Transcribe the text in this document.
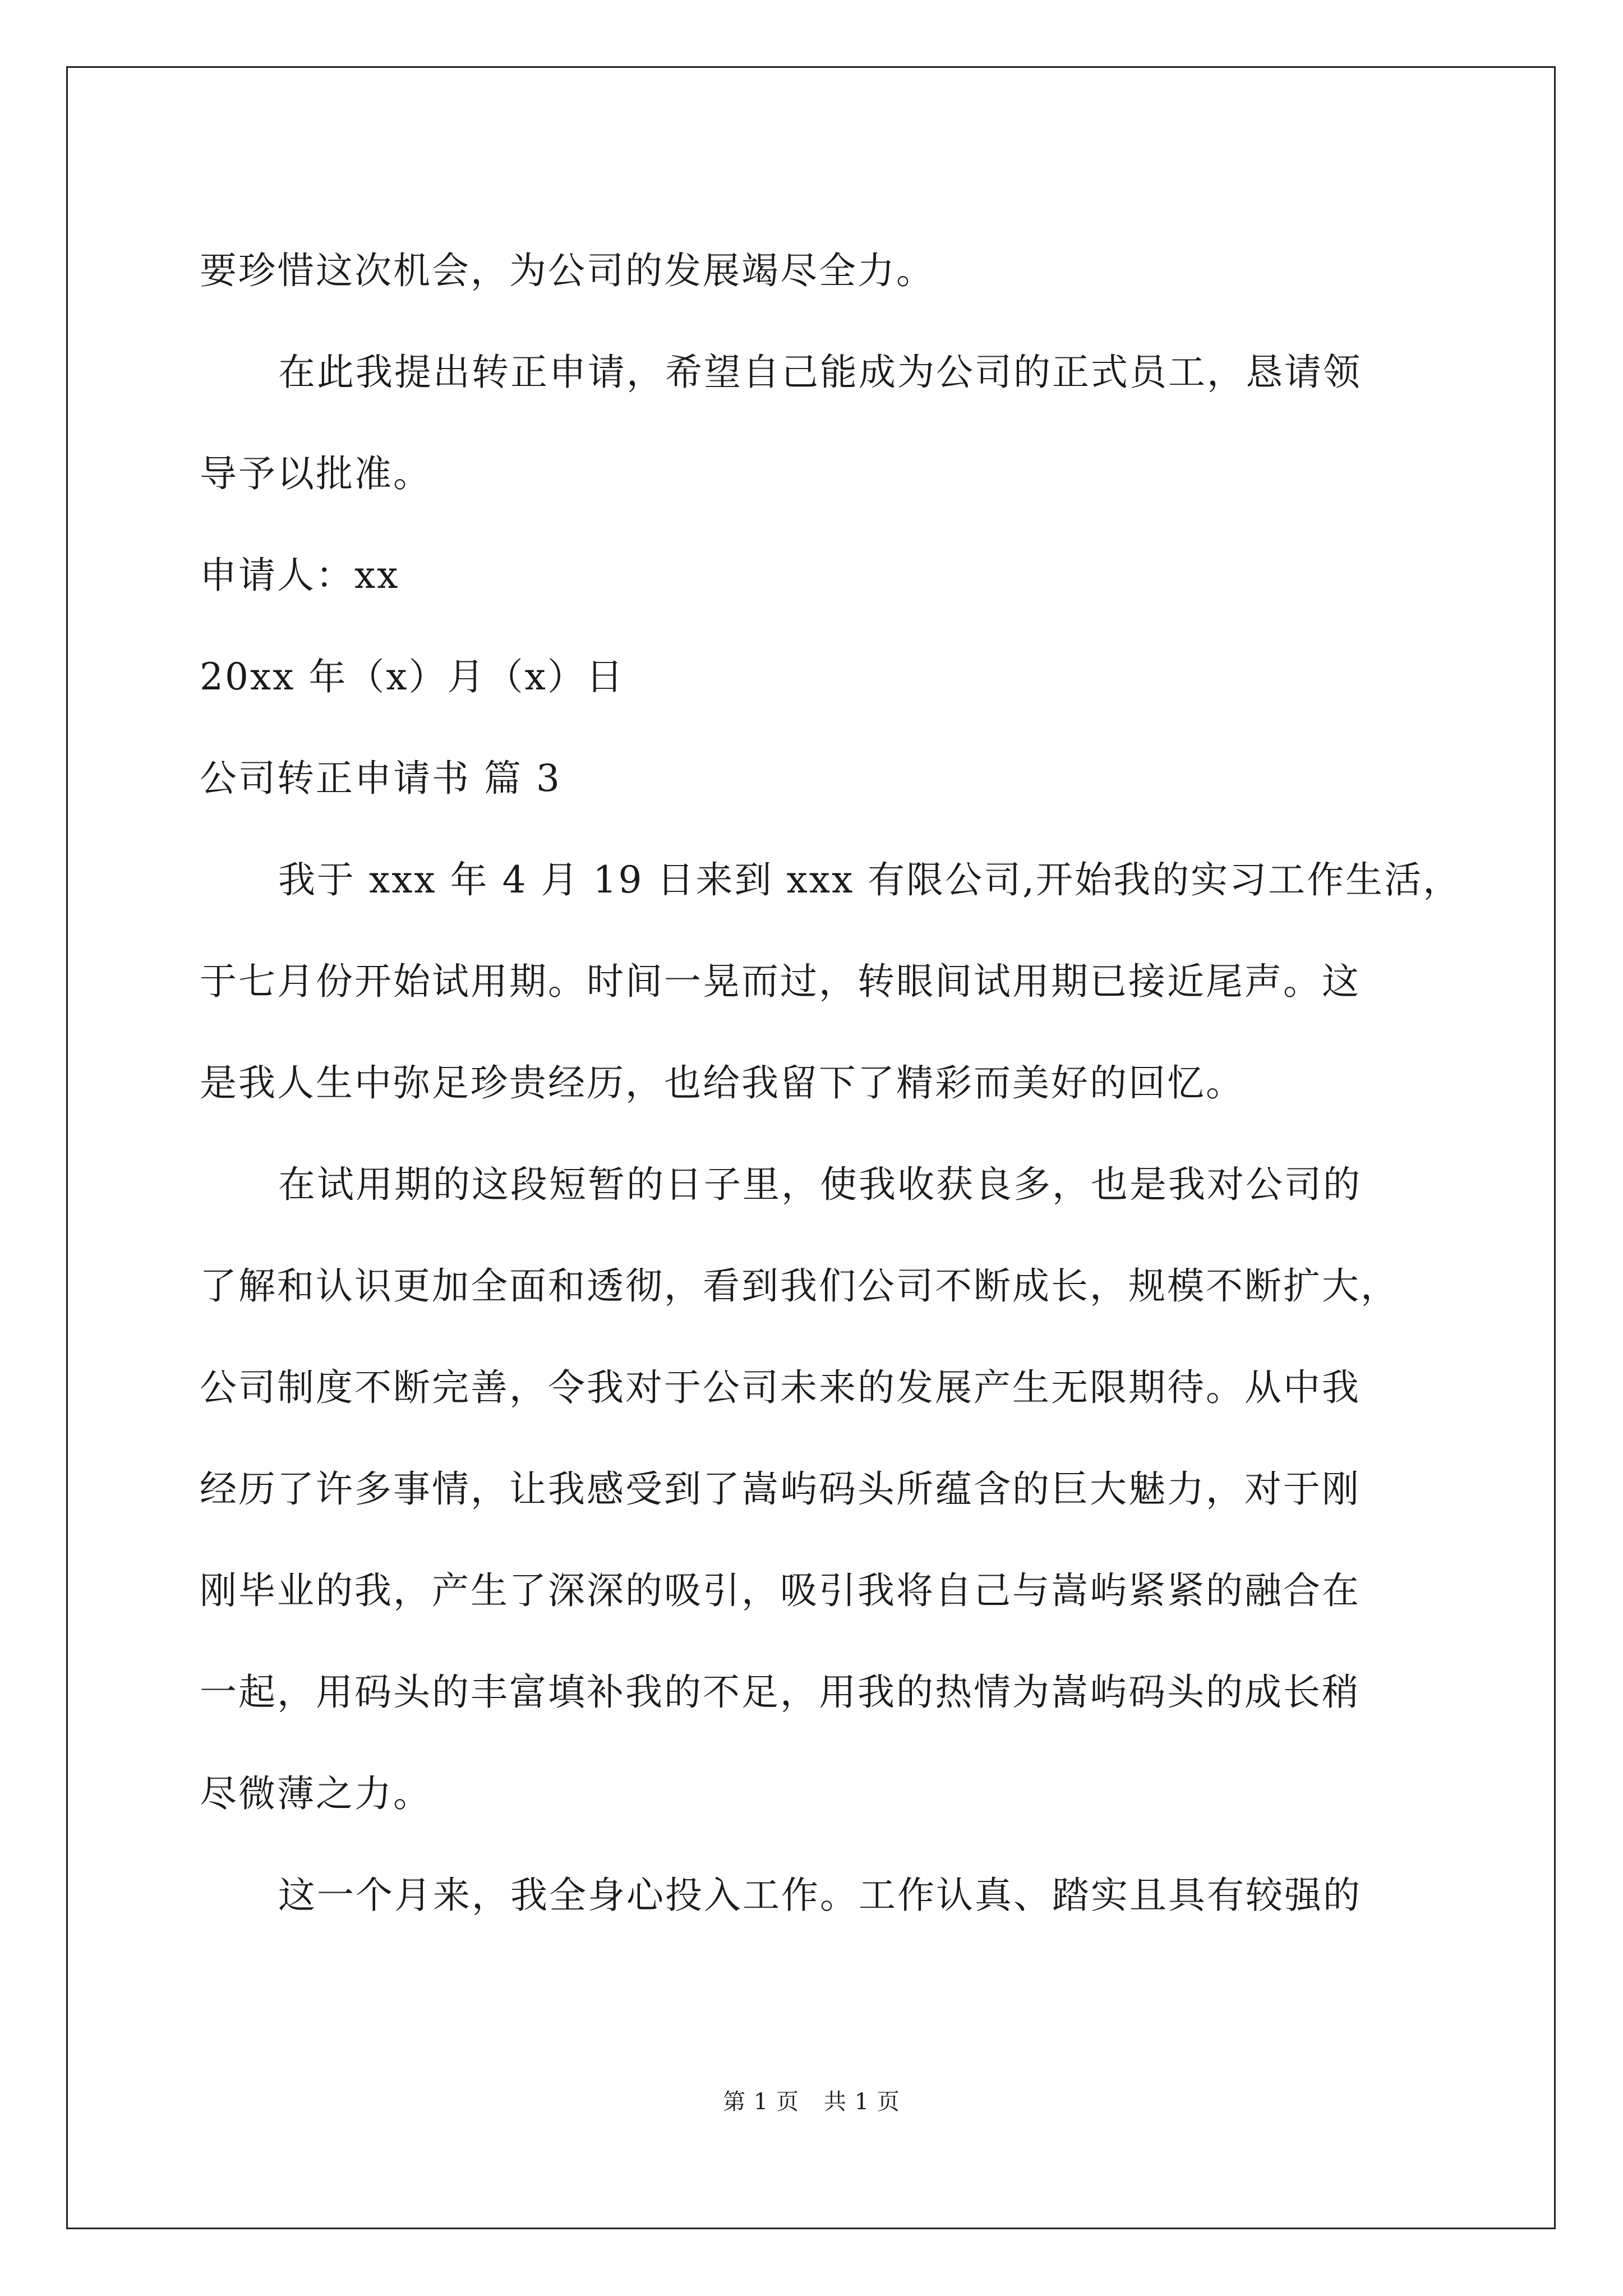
要珍惜这次机会，为公司的发展竭尽全力。
在此我提出转正申请，希望自己能成为公司的正式员工，恳请领
导予以批准。
申请人：xx
20xx 年（x）月（x）日
公司转正申请书 篇 3
我于 xxx 年 4 月 19 日来到 xxx 有限公司,开始我的实习工作生活，
于七月份开始试用期。时间一晃而过，转眼间试用期已接近尾声。这
是我人生中弥足珍贵经历，也给我留下了精彩而美好的回忆。
在试用期的这段短暂的日子里，使我收获良多，也是我对公司的
了解和认识更加全面和透彻，看到我们公司不断成长，规模不断扩大，
公司制度不断完善，令我对于公司未来的发展产生无限期待。从中我
经历了许多事情，让我感受到了嵩屿码头所蕴含的巨大魅力，对于刚
刚毕业的我，产生了深深的吸引，吸引我将自己与嵩屿紧紧的融合在
一起，用码头的丰富填补我的不足，用我的热情为嵩屿码头的成长稍
尽微薄之力。
这一个月来，我全身心投入工作。工作认真、踏实且具有较强的
第 1 页 共 1 页
